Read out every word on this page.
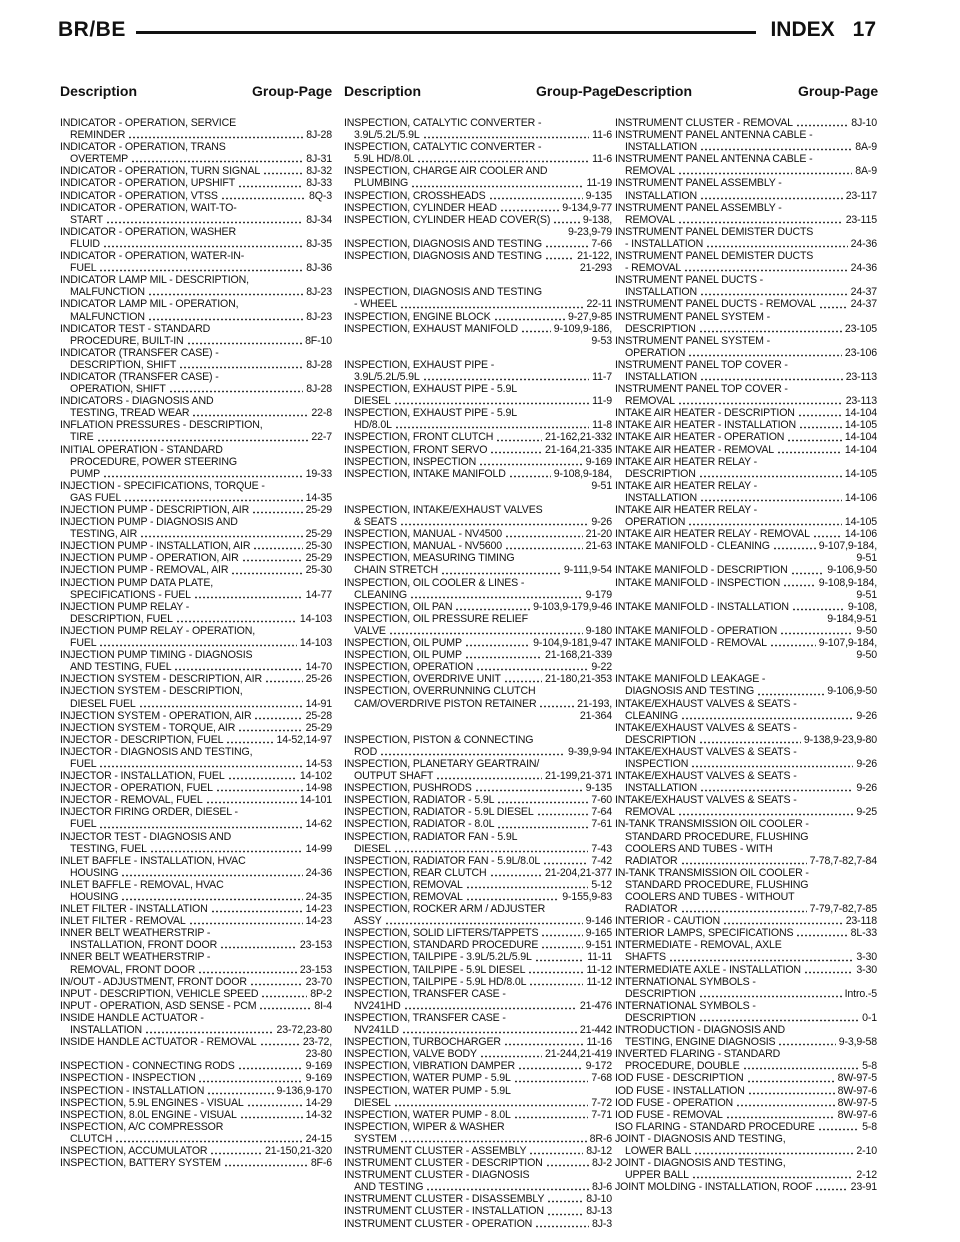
BR/BE	INDEX 17
Description	Group-Page Description	Group-Page
Description	Group-Page
INDICATOR - OPERATION, SERVICE
REMINDER	8J-28
INDICATOR - OPERATION, TRANS
OVERTEMP	8J-31
INDICATOR - OPERATION, TURN SIGNAL	8J-32
INDICATOR - OPERATION, UPSHIFT	8J-33
INDICATOR - OPERATION, VTSS	8Q-3
INDICATOR - OPERATION, WAIT-TO-
START	8J-34
INDICATOR - OPERATION, WASHER
FLUID	8J-35
INDICATOR - OPERATION, WATER-IN-
FUEL	8J-36
INDICATOR LAMP MIL - DESCRIPTION,
MALFUNCTION	8J-23
INDICATOR LAMP MIL - OPERATION,
MALFUNCTION	8J-23
INDICATOR TEST - STANDARD
PROCEDURE, BUILT-IN	8F-10
INDICATOR (TRANSFER CASE) -
DESCRIPTION, SHIFT	8J-28
INDICATOR (TRANSFER CASE) -
OPERATION, SHIFT	8J-28
INDICATORS - DIAGNOSIS AND
TESTING, TREAD WEAR	22-8
INFLATION PRESSURES - DESCRIPTION,
TIRE	22-7
INITIAL OPERATION - STANDARD
PROCEDURE, POWER STEERING
PUMP	19-33
INJECTION - SPECIFICATIONS, TORQUE -
GAS FUEL	14-35
INJECTION PUMP - DESCRIPTION, AIR	25-29
INJECTION PUMP - DIAGNOSIS AND
TESTING, AIR	25-29
INJECTION PUMP - INSTALLATION, AIR	25-30
INJECTION PUMP - OPERATION, AIR	25-29
INJECTION PUMP - REMOVAL, AIR	25-30
INJECTION PUMP DATA PLATE,
SPECIFICATIONS - FUEL	14-77
INJECTION PUMP RELAY -
DESCRIPTION, FUEL	14-103
INJECTION PUMP RELAY - OPERATION,
FUEL	14-103
INJECTION PUMP TIMING - DIAGNOSIS
AND TESTING, FUEL	14-70
INJECTION SYSTEM - DESCRIPTION, AIR	25-26
INJECTION SYSTEM - DESCRIPTION,
DIESEL FUEL	14-91
INJECTION SYSTEM - OPERATION, AIR	25-28
INJECTION SYSTEM - TORQUE, AIR	25-29
INJECTOR - DESCRIPTION, FUEL	14-52,14-97
INJECTOR - DIAGNOSIS AND TESTING,
FUEL	14-53
INJECTOR - INSTALLATION, FUEL	14-102
INJECTOR - OPERATION, FUEL	14-98
INJECTOR - REMOVAL, FUEL	14-101
INJECTOR FIRING ORDER, DIESEL -
FUEL	14-62
INJECTOR TEST - DIAGNOSIS AND
TESTING, FUEL	14-99
INLET BAFFLE - INSTALLATION, HVAC
HOUSING	24-36
INLET BAFFLE - REMOVAL, HVAC
HOUSING	24-35
INLET FILTER - INSTALLATION	14-23
INLET FILTER - REMOVAL	14-23
INNER BELT WEATHERSTRIP -
INSTALLATION, FRONT DOOR	23-153
INNER BELT WEATHERSTRIP -
REMOVAL, FRONT DOOR	23-153
IN/OUT - ADJUSTMENT, FRONT DOOR	23-70
INPUT - DESCRIPTION, VEHICLE SPEED	8P-2
INPUT - OPERATION, ASD SENSE - PCM	8I-4
INSIDE HANDLE ACTUATOR -
INSTALLATION	23-72,23-80
INSIDE HANDLE ACTUATOR - REMOVAL	23-72,
23-80
INSPECTION - CONNECTING RODS	9-169
INSPECTION - INSPECTION	9-169
INSPECTION - INSTALLATION	9-136,9-170
INSPECTION, 5.9L ENGINES - VISUAL	14-29
INSPECTION, 8.0L ENGINE - VISUAL	14-32
INSPECTION, A/C COMPRESSOR
CLUTCH	24-15
INSPECTION, ACCUMULATOR	21-150,21-320
INSPECTION, BATTERY SYSTEM	8F-6
INSPECTION, CATALYTIC CONVERTER -
3.9L/5.2L/5.9L	11-6
INSPECTION, CATALYTIC CONVERTER -
5.9L HD/8.0L	11-6
INSPECTION, CHARGE AIR COOLER AND
PLUMBING	11-19
INSPECTION, CROSSHEADS	9-135
INSPECTION, CYLINDER HEAD	9-134,9-77
INSPECTION, CYLINDER HEAD COVER(S)	9-138,
9-23,9-79
INSPECTION, DIAGNOSIS AND TESTING	7-66
INSPECTION, DIAGNOSIS AND TESTING	21-122,
21-293
INSPECTION, DIAGNOSIS AND TESTING
- WHEEL	22-11
INSPECTION, ENGINE BLOCK	9-27,9-85
INSPECTION, EXHAUST MANIFOLD	9-109,9-186,
9-53
INSPECTION, EXHAUST PIPE -
3.9L/5.2L/5.9L	11-7
INSPECTION, EXHAUST PIPE - 5.9L
DIESEL	11-9
INSPECTION, EXHAUST PIPE - 5.9L
HD/8.0L	11-8
INSPECTION, FRONT CLUTCH	21-162,21-332
INSPECTION, FRONT SERVO	21-164,21-335
INSPECTION, INSPECTION	9-169
INSPECTION, INTAKE MANIFOLD	9-108,9-184,
9-51
INSPECTION, INTAKE/EXHAUST VALVES
& SEATS	9-26
INSPECTION, MANUAL - NV4500	21-20
INSPECTION, MANUAL - NV5600	21-63
INSPECTION, MEASURING TIMING
CHAIN STRETCH	9-111,9-54
INSPECTION, OIL COOLER & LINES -
CLEANING	9-179
INSPECTION, OIL PAN	9-103,9-179,9-46
INSPECTION, OIL PRESSURE RELIEF
VALVE	9-180
INSPECTION, OIL PUMP	9-104,9-181,9-47
INSPECTION, OIL PUMP	21-168,21-339
INSPECTION, OPERATION	9-22
INSPECTION, OVERDRIVE UNIT	21-180,21-353
INSPECTION, OVERRUNNING CLUTCH
CAM/OVERDRIVE PISTON RETAINER	21-193,
21-364
INSPECTION, PISTON & CONNECTING
ROD	9-39,9-94
INSPECTION, PLANETARY GEARTRAIN/
OUTPUT SHAFT	21-199,21-371
INSPECTION, PUSHRODS	9-135
INSPECTION, RADIATOR - 5.9L	7-60
INSPECTION, RADIATOR - 5.9L DIESEL	7-64
INSPECTION, RADIATOR - 8.0L	7-61
INSPECTION, RADIATOR FAN - 5.9L
DIESEL	7-43
INSPECTION, RADIATOR FAN - 5.9L/8.0L	7-42
INSPECTION, REAR CLUTCH	21-204,21-377
INSPECTION, REMOVAL	5-12
INSPECTION, REMOVAL	9-155,9-83
INSPECTION, ROCKER ARM / ADJUSTER
ASSY	9-146
INSPECTION, SOLID LIFTERS/TAPPETS	9-165
INSPECTION, STANDARD PROCEDURE	9-151
INSPECTION, TAILPIPE - 3.9L/5.2L/5.9L	11-11
INSPECTION, TAILPIPE - 5.9L DIESEL	11-12
INSPECTION, TAILPIPE - 5.9L HD/8.0L	11-12
INSPECTION, TRANSFER CASE -
NV241HD	21-476
INSPECTION, TRANSFER CASE -
NV241LD	21-442
INSPECTION, TURBOCHARGER	11-16
INSPECTION, VALVE BODY	21-244,21-419
INSPECTION, VIBRATION DAMPER	9-172
INSPECTION, WATER PUMP - 5.9L	7-68
INSPECTION, WATER PUMP - 5.9L
DIESEL	7-72
INSPECTION, WATER PUMP - 8.0L	7-71
INSPECTION, WIPER & WASHER
SYSTEM	8R-6
INSTRUMENT CLUSTER - ASSEMBLY	8J-12
INSTRUMENT CLUSTER - DESCRIPTION	8J-2
INSTRUMENT CLUSTER - DIAGNOSIS
AND TESTING	8J-6
INSTRUMENT CLUSTER - DISASSEMBLY	8J-10
INSTRUMENT CLUSTER - INSTALLATION	8J-13
INSTRUMENT CLUSTER - OPERATION	8J-3
INSTRUMENT CLUSTER - REMOVAL	8J-10
INSTRUMENT PANEL ANTENNA CABLE -
INSTALLATION	8A-9
INSTRUMENT PANEL ANTENNA CABLE -
REMOVAL	8A-9
INSTRUMENT PANEL ASSEMBLY -
INSTALLATION	23-117
INSTRUMENT PANEL ASSEMBLY -
REMOVAL	23-115
INSTRUMENT PANEL DEMISTER DUCTS
- INSTALLATION	24-36
INSTRUMENT PANEL DEMISTER DUCTS
- REMOVAL	24-36
INSTRUMENT PANEL DUCTS -
INSTALLATION	24-37
INSTRUMENT PANEL DUCTS - REMOVAL	24-37
INSTRUMENT PANEL SYSTEM -
DESCRIPTION	23-105
INSTRUMENT PANEL SYSTEM -
OPERATION	23-106
INSTRUMENT PANEL TOP COVER -
INSTALLATION	23-113
INSTRUMENT PANEL TOP COVER -
REMOVAL	23-113
INTAKE AIR HEATER - DESCRIPTION	14-104
INTAKE AIR HEATER - INSTALLATION	14-105
INTAKE AIR HEATER - OPERATION	14-104
INTAKE AIR HEATER - REMOVAL	14-104
INTAKE AIR HEATER RELAY -
DESCRIPTION	14-105
INTAKE AIR HEATER RELAY -
INSTALLATION	14-106
INTAKE AIR HEATER RELAY -
OPERATION	14-105
INTAKE AIR HEATER RELAY - REMOVAL	14-106
INTAKE MANIFOLD - CLEANING	9-107,9-184,
9-51
INTAKE MANIFOLD - DESCRIPTION	9-106,9-50
INTAKE MANIFOLD - INSPECTION	9-108,9-184,
9-51
INTAKE MANIFOLD - INSTALLATION	9-108,
9-184,9-51
INTAKE MANIFOLD - OPERATION	9-50
INTAKE MANIFOLD - REMOVAL	9-107,9-184,
9-50
INTAKE MANIFOLD LEAKAGE -
DIAGNOSIS AND TESTING	9-106,9-50
INTAKE/EXHAUST VALVES & SEATS -
CLEANING	9-26
INTAKE/EXHAUST VALVES & SEATS -
DESCRIPTION	9-138,9-23,9-80
INTAKE/EXHAUST VALVES & SEATS -
INSPECTION	9-26
INTAKE/EXHAUST VALVES & SEATS -
INSTALLATION	9-26
INTAKE/EXHAUST VALVES & SEATS -
REMOVAL	9-25
IN-TANK TRANSMISSION OIL COOLER -
STANDARD PROCEDURE, FLUSHING
COOLERS AND TUBES - WITH
RADIATOR	7-78,7-82,7-84
IN-TANK TRANSMISSION OIL COOLER -
STANDARD PROCEDURE, FLUSHING
COOLERS AND TUBES - WITHOUT
RADIATOR	7-79,7-82,7-85
INTERIOR - CAUTION	23-118
INTERIOR LAMPS, SPECIFICATIONS	8L-33
INTERMEDIATE - REMOVAL, AXLE
SHAFTS	3-30
INTERMEDIATE AXLE - INSTALLATION	3-30
INTERNATIONAL SYMBOLS -
DESCRIPTION	Intro.-5
INTERNATIONAL SYMBOLS -
DESCRIPTION	0-1
INTRODUCTION - DIAGNOSIS AND
TESTING, ENGINE DIAGNOSIS	9-3,9-58
INVERTED FLARING - STANDARD
PROCEDURE, DOUBLE	5-8
IOD FUSE - DESCRIPTION	8W-97-5
IOD FUSE - INSTALLATION	8W-97-6
IOD FUSE - OPERATION	8W-97-5
IOD FUSE - REMOVAL	8W-97-6
ISO FLARING - STANDARD PROCEDURE	5-8
JOINT - DIAGNOSIS AND TESTING,
LOWER BALL	2-10
JOINT - DIAGNOSIS AND TESTING,
UPPER BALL	2-12
JOINT MOLDING - INSTALLATION, ROOF	23-91
